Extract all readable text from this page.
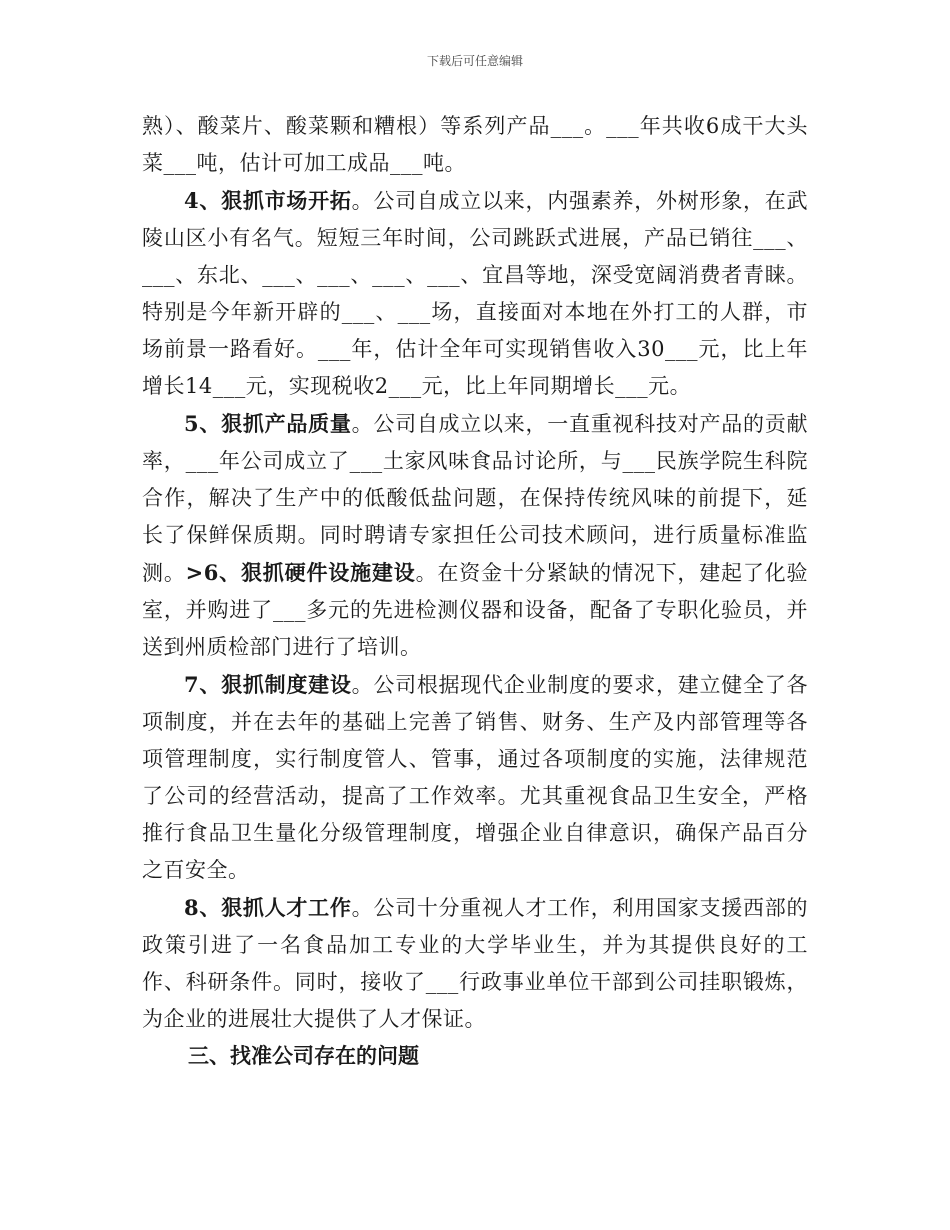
下载后可任意编辑

熟）、酸菜片、酸菜颗和糟根）等系列产品___。___年共收6成干大头菜___吨，估计可加工成品___吨。

4、狠抓市场开拓。公司自成立以来，内强素养，外树形象，在武陵山区小有名气。短短三年时间，公司跳跃式进展，产品已销往___、___、东北、___、___、___、___、宜昌等地，深受宽阔消费者青睐。特别是今年新开辟的___、___场，直接面对本地在外打工的人群，市场前景一路看好。___年，估计全年可实现销售收入30___元，比上年增长14___元，实现税收2___元，比上年同期增长___元。

5、狠抓产品质量。公司自成立以来，一直重视科技对产品的贡献率，___年公司成立了___土家风味食品讨论所，与___民族学院生科院合作，解决了生产中的低酸低盐问题，在保持传统风味的前提下，延长了保鲜保质期。同时聘请专家担任公司技术顾问，进行质量标准监测。>6、狠抓硬件设施建设。在资金十分紧缺的情况下，建起了化验室，并购进了___多元的先进检测仪器和设备，配备了专职化验员，并送到州质检部门进行了培训。

7、狠抓制度建设。公司根据现代企业制度的要求，建立健全了各项制度，并在去年的基础上完善了销售、财务、生产及内部管理等各项管理制度，实行制度管人、管事，通过各项制度的实施，法律规范了公司的经营活动，提高了工作效率。尤其重视食品卫生安全，严格推行食品卫生量化分级管理制度，增强企业自律意识，确保产品百分之百安全。

8、狠抓人才工作。公司十分重视人才工作，利用国家支援西部的政策引进了一名食品加工专业的大学毕业生，并为其提供良好的工作、科研条件。同时，接收了___行政事业单位干部到公司挂职锻炼，为企业的进展壮大提供了人才保证。

三、找准公司存在的问题
